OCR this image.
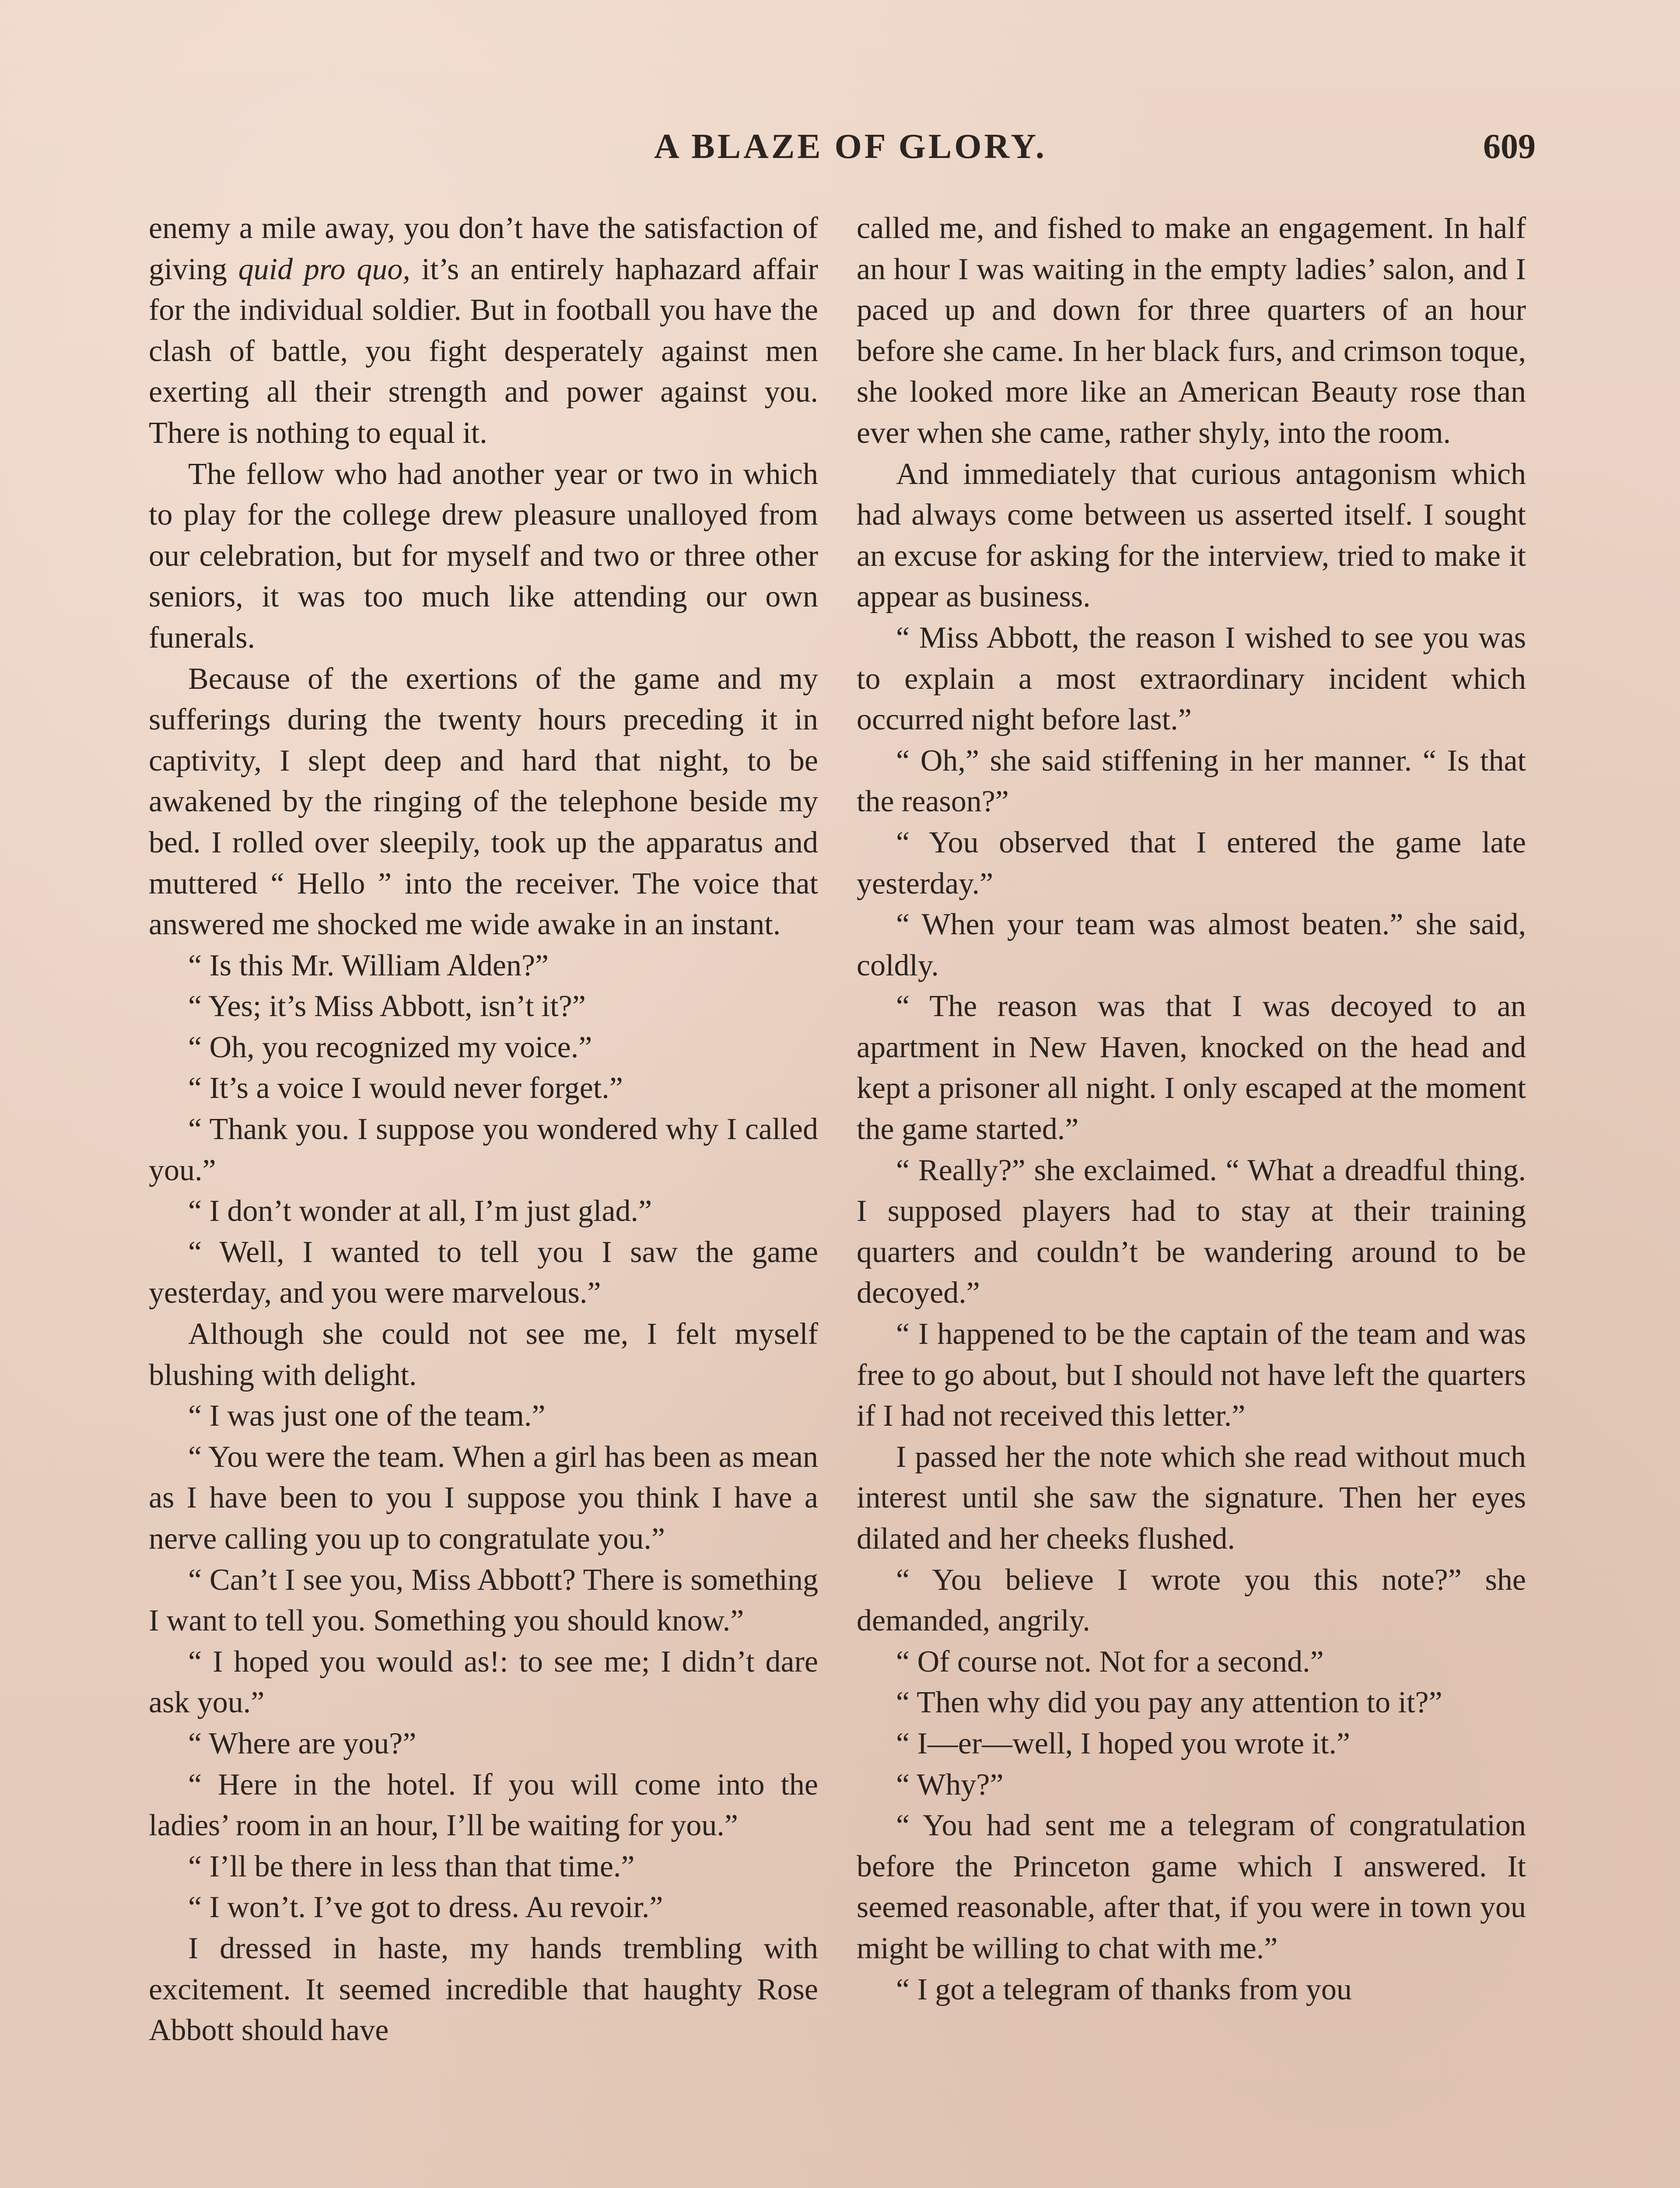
A BLAZE OF GLORY.	609

enemy a mile away, you don’t have the satisfaction of giving quid pro quo, it’s an entirely haphazard affair for the individual soldier. But in football you have the clash of battle, you fight desperately against men exerting all their strength and power against you. There is nothing to equal it.

The fellow who had another year or two in which to play for the college drew pleasure unalloyed from our celebration, but for myself and two or three other seniors, it was too much like attending our own funerals.

Because of the exertions of the game and my sufferings during the twenty hours preceding it in captivity, I slept deep and hard that night, to be awakened by the ringing of the telephone beside my bed. I rolled over sleepily, took up the apparatus and muttered “ Hello ” into the receiver. The voice that answered me shocked me wide awake in an instant.

“ Is this Mr. William Alden?”

“ Yes; it’s Miss Abbott, isn’t it?”

“ Oh, you recognized my voice.”

“ It’s a voice I would never forget.”

“ Thank you. I suppose you wondered why I called you.”

“ I don’t wonder at all, I’m just glad.”

“ Well, I wanted to tell you I saw the game yesterday, and you were marvelous.”

Although she could not see me, I felt myself blushing with delight.

“ I was just one of the team.”

“ You were the team. When a girl has been as mean as I have been to you I suppose you think I have a nerve calling you up to congratulate you.”

“ Can’t I see you, Miss Abbott? There is something I want to tell you. Something you should know.”

“ I hoped you would as!: to see me; I didn’t dare ask you.”

“ Where are you?”

“ Here in the hotel. If you will come into the ladies’ room in an hour, I’ll be waiting for you.”

“ I’ll be there in less than that time.”

“ I won’t. I’ve got to dress. Au revoir.”

I dressed in haste, my hands trembling with excitement. It seemed incredible that haughty Rose Abbott should have

called me, and fished to make an engagement. In half an hour I was waiting in the empty ladies’ salon, and I paced up and down for three quarters of an hour before she came. In her black furs, and crimson toque, she looked more like an American Beauty rose than ever when she came, rather shyly, into the room.

And immediately that curious antagonism which had always come between us asserted itself. I sought an excuse for asking for the interview, tried to make it appear as business.

“ Miss Abbott, the reason I wished to see you was to explain a most extraordinary incident which occurred night before last.”

“ Oh,” she said stiffening in her manner. “ Is that the reason?”

“ You observed that I entered the game late yesterday.”

“ When your team was almost beaten.” she said, coldly.

“ The reason was that I was decoyed to an apartment in New Haven, knocked on the head and kept a prisoner all night. I only escaped at the moment the game started.”

“ Really?” she exclaimed. “ What a dreadful thing. I supposed players had to stay at their training quarters and couldn’t be wandering around to be decoyed.”

“ I happened to be the captain of the team and was free to go about, but I should not have left the quarters if I had not received this letter.”

I passed her the note which she read without much interest until she saw the signature. Then her eyes dilated and her cheeks flushed.

“ You believe I wrote you this note?” she demanded, angrily.

“ Of course not. Not for a second.”

“ Then why did you pay any attention to it?”

“ I—er—well, I hoped you wrote it.”

“ Why?”

“ You had sent me a telegram of congratulation before the Princeton game which I answered. It seemed reasonable, after that, if you were in town you might be willing to chat with me.”

“ I got a telegram of thanks from you
